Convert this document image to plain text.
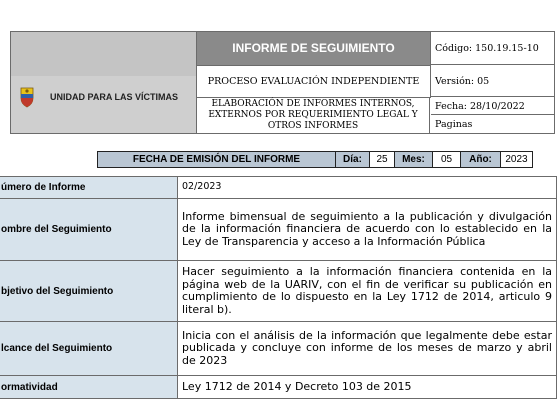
INFORME DE SEGUIMIENTO
PROCESO EVALUACIÓN INDEPENDIENTE
ELABORACIÓN DE INFORMES INTERNOS, EXTERNOS POR REQUERIMIENTO LEGAL Y OTROS INFORMES
Código: 150.19.15-10
Versión: 05
Fecha: 28/10/2022
Paginas
UNIDAD PARA LAS VÍCTIMAS
FECHA DE EMISIÓN DEL INFORME	Día:	25	Mes:	05	Año:	2023
úmero de Informe	02/2023
ombre del Seguimiento	Informe bimensual de seguimiento a la publicación y divulgación de la información financiera de acuerdo con lo establecido en la Ley de Transparencia y acceso a la Información Pública
bjetivo del Seguimiento	Hacer seguimiento a la información financiera contenida en la página web de la UARIV, con el fin de verificar su publicación en cumplimiento de lo dispuesto en la Ley 1712 de 2014, articulo 9 literal b).
lcance del Seguimiento	Inicia con el análisis de la información que legalmente debe estar publicada y concluye con informe de los meses de marzo y abril de 2023
ormatividad	Ley 1712 de 2014 y Decreto 103 de 2015
